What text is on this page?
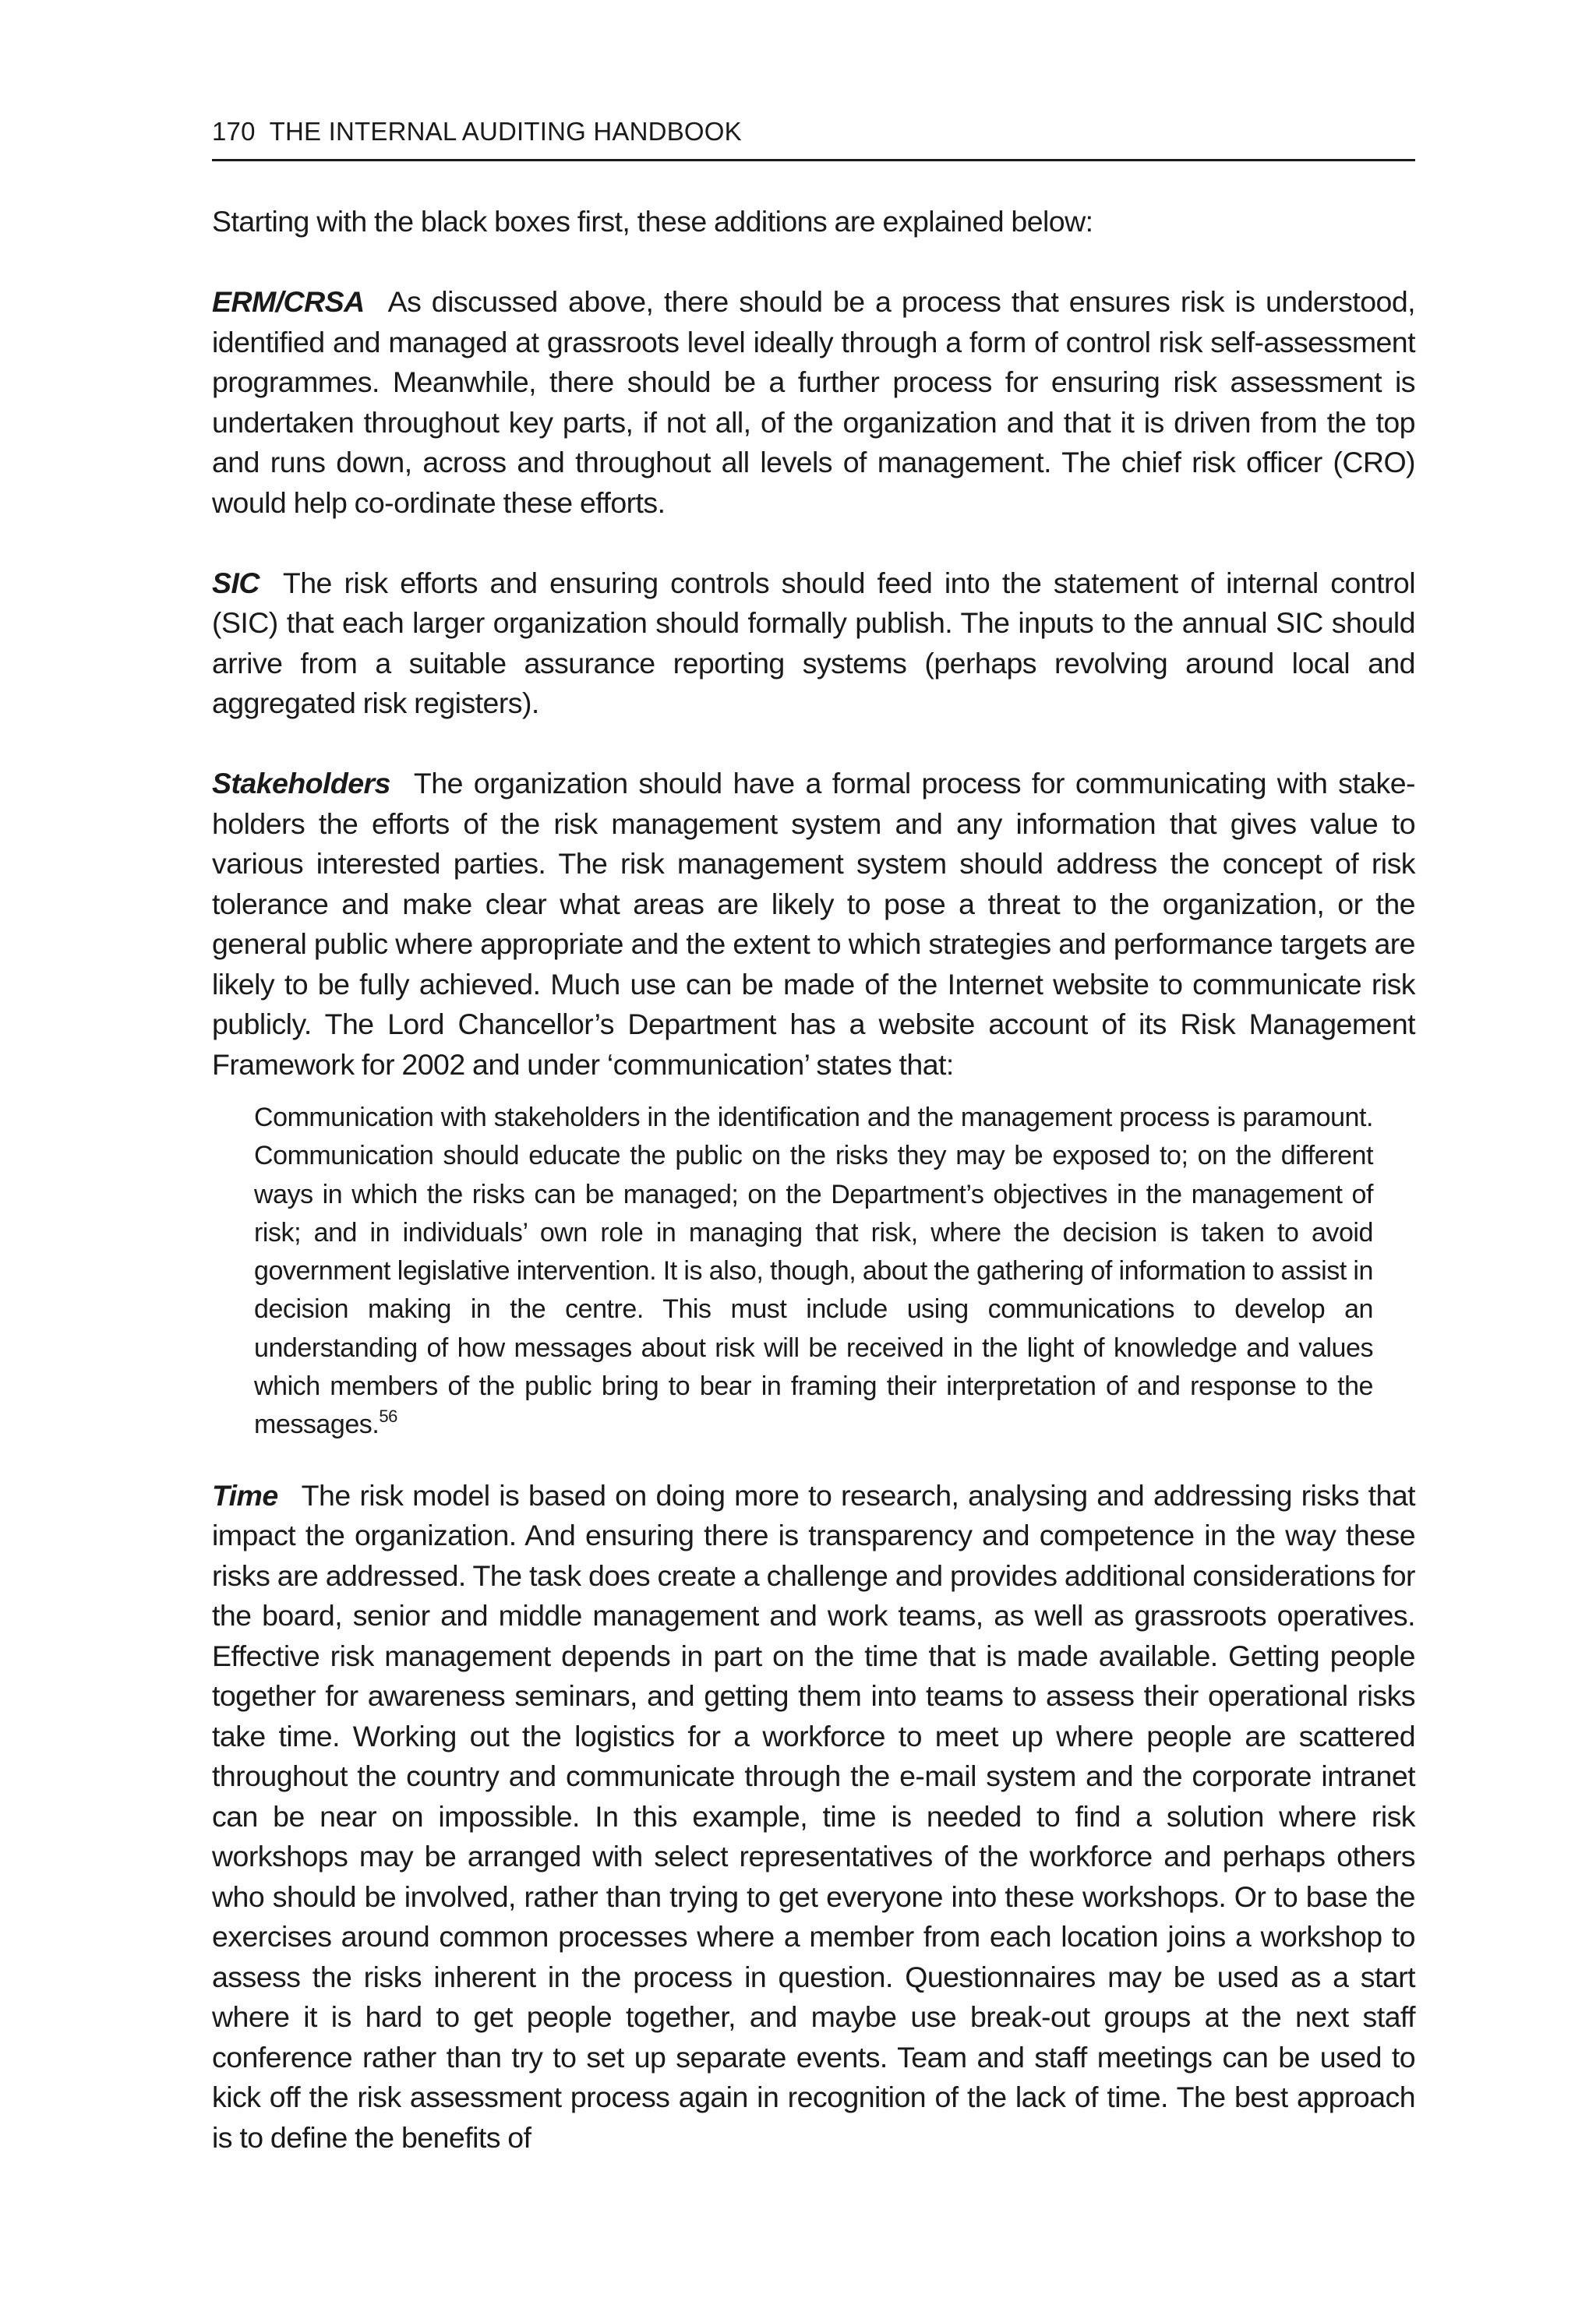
170 THE INTERNAL AUDITING HANDBOOK

Starting with the black boxes first, these additions are explained below:

ERM/CRSA As discussed above, there should be a process that ensures risk is understood, identified and managed at grassroots level ideally through a form of control risk self-assessment programmes. Meanwhile, there should be a further process for ensuring risk assessment is undertaken throughout key parts, if not all, of the organization and that it is driven from the top and runs down, across and throughout all levels of management. The chief risk officer (CRO) would help co-ordinate these efforts.

SIC The risk efforts and ensuring controls should feed into the statement of internal control (SIC) that each larger organization should formally publish. The inputs to the annual SIC should arrive from a suitable assurance reporting systems (perhaps revolving around local and aggregated risk registers).

Stakeholders The organization should have a formal process for communicating with stake-holders the efforts of the risk management system and any information that gives value to various interested parties. The risk management system should address the concept of risk tolerance and make clear what areas are likely to pose a threat to the organization, or the general public where appropriate and the extent to which strategies and performance targets are likely to be fully achieved. Much use can be made of the Internet website to communicate risk publicly. The Lord Chancellor’s Department has a website account of its Risk Management Framework for 2002 and under ‘communication’ states that:

Communication with stakeholders in the identification and the management process is paramount. Communication should educate the public on the risks they may be exposed to; on the different ways in which the risks can be managed; on the Department’s objectives in the management of risk; and in individuals’ own role in managing that risk, where the decision is taken to avoid government legislative intervention. It is also, though, about the gathering of information to assist in decision making in the centre. This must include using communications to develop an understanding of how messages about risk will be received in the light of knowledge and values which members of the public bring to bear in framing their interpretation of and response to the messages.$^{56}$

Time The risk model is based on doing more to research, analysing and addressing risks that impact the organization. And ensuring there is transparency and competence in the way these risks are addressed. The task does create a challenge and provides additional considerations for the board, senior and middle management and work teams, as well as grassroots operatives. Effective risk management depends in part on the time that is made available. Getting people together for awareness seminars, and getting them into teams to assess their operational risks take time. Working out the logistics for a workforce to meet up where people are scattered throughout the country and communicate through the e-mail system and the corporate intranet can be near on impossible. In this example, time is needed to find a solution where risk workshops may be arranged with select representatives of the workforce and perhaps others who should be involved, rather than trying to get everyone into these workshops. Or to base the exercises around common processes where a member from each location joins a workshop to assess the risks inherent in the process in question. Questionnaires may be used as a start where it is hard to get people together, and maybe use break-out groups at the next staff conference rather than try to set up separate events. Team and staff meetings can be used to kick off the risk assessment process again in recognition of the lack of time. The best approach is to define the benefits of
